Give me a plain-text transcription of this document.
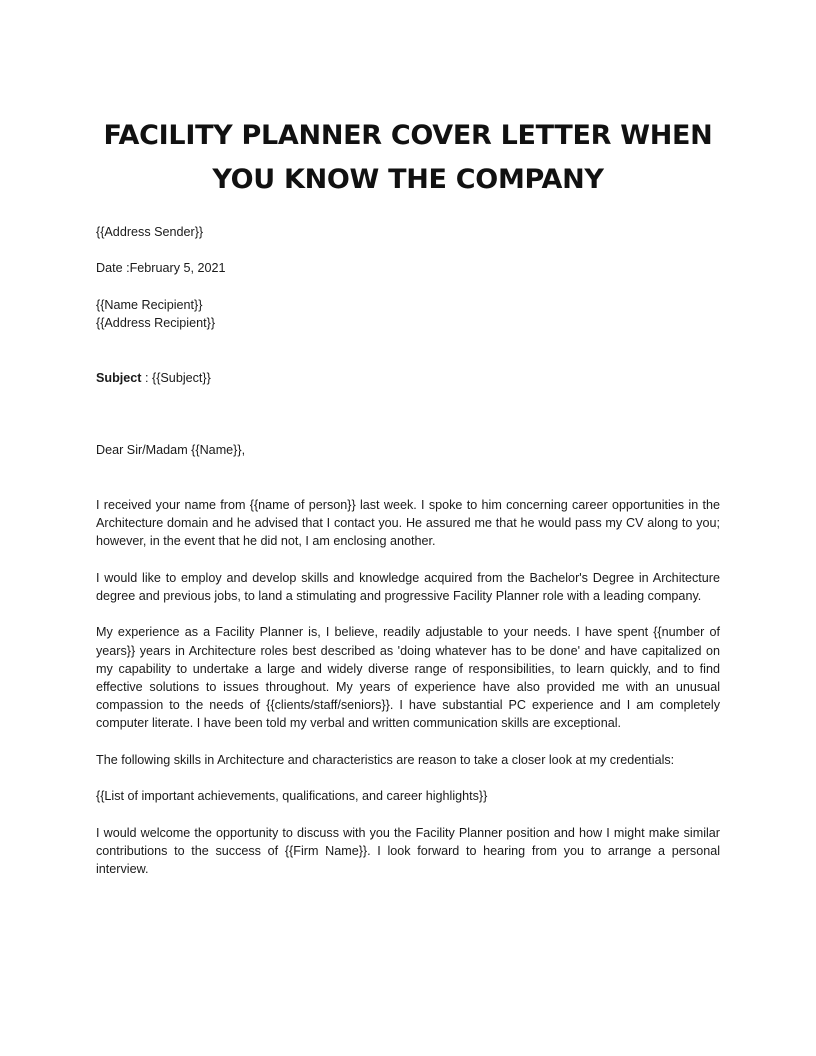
FACILITY PLANNER COVER LETTER WHEN YOU KNOW THE COMPANY

{{Address Sender}}

Date :February 5, 2021

{{Name Recipient}}

{{Address Recipient}}

Subject : {{Subject}}

Dear Sir/Madam {{Name}},

I received your name from {{name of person}} last week. I spoke to him concerning career opportunities in the Architecture domain and he advised that I contact you. He assured me that he would pass my CV along to you; however, in the event that he did not, I am enclosing another.

I would like to employ and develop skills and knowledge acquired from the Bachelor's Degree in Architecture degree and previous jobs, to land a stimulating and progressive Facility Planner role with a leading company.

My experience as a Facility Planner is, I believe, readily adjustable to your needs. I have spent {{number of years}} years in Architecture roles best described as 'doing whatever has to be done' and have capitalized on my capability to undertake a large and widely diverse range of responsibilities, to learn quickly, and to find effective solutions to issues throughout. My years of experience have also provided me with an unusual compassion to the needs of {{clients/staff/seniors}}. I have substantial PC experience and I am completely computer literate. I have been told my verbal and written communication skills are exceptional.

The following skills in Architecture and characteristics are reason to take a closer look at my credentials:

{{List of important achievements, qualifications, and career highlights}}

I would welcome the opportunity to discuss with you the Facility Planner position and how I might make similar contributions to the success of {{Firm Name}}. I look forward to hearing from you to arrange a personal interview.
